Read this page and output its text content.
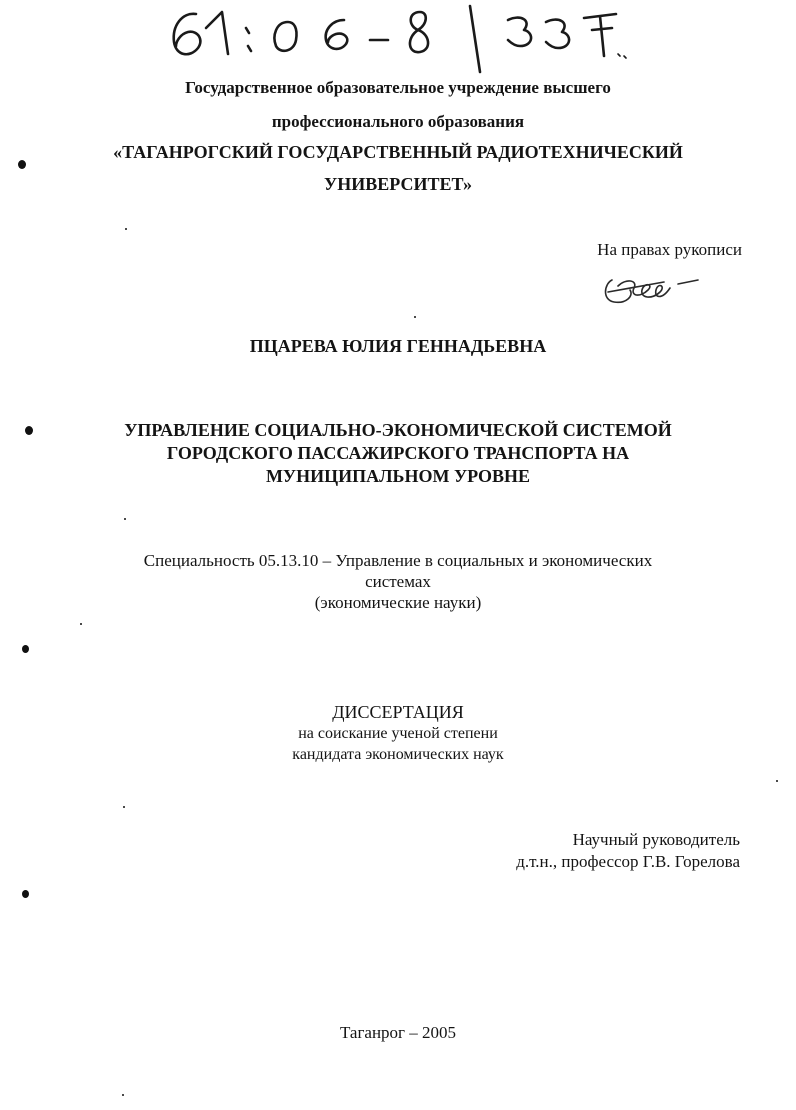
Государственное образовательное учреждение высшего
профессионального образования
«ТАГАНРОГСКИЙ ГОСУДАРСТВЕННЫЙ РАДИОТЕХНИЧЕСКИЙ
УНИВЕРСИТЕТ»
На правах рукописи
ПЦАРЕВА ЮЛИЯ ГЕННАДЬЕВНА
УПРАВЛЕНИЕ СОЦИАЛЬНО-ЭКОНОМИЧЕСКОЙ СИСТЕМОЙ
ГОРОДСКОГО ПАССАЖИРСКОГО ТРАНСПОРТА НА
МУНИЦИПАЛЬНОМ УРОВНЕ
Специальность 05.13.10 – Управление в социальных и экономических
системах
(экономические науки)
ДИССЕРТАЦИЯ
на соискание ученой степени
кандидата экономических наук
Научный руководитель
д.т.н., профессор Г.В. Горелова
Таганрог – 2005
